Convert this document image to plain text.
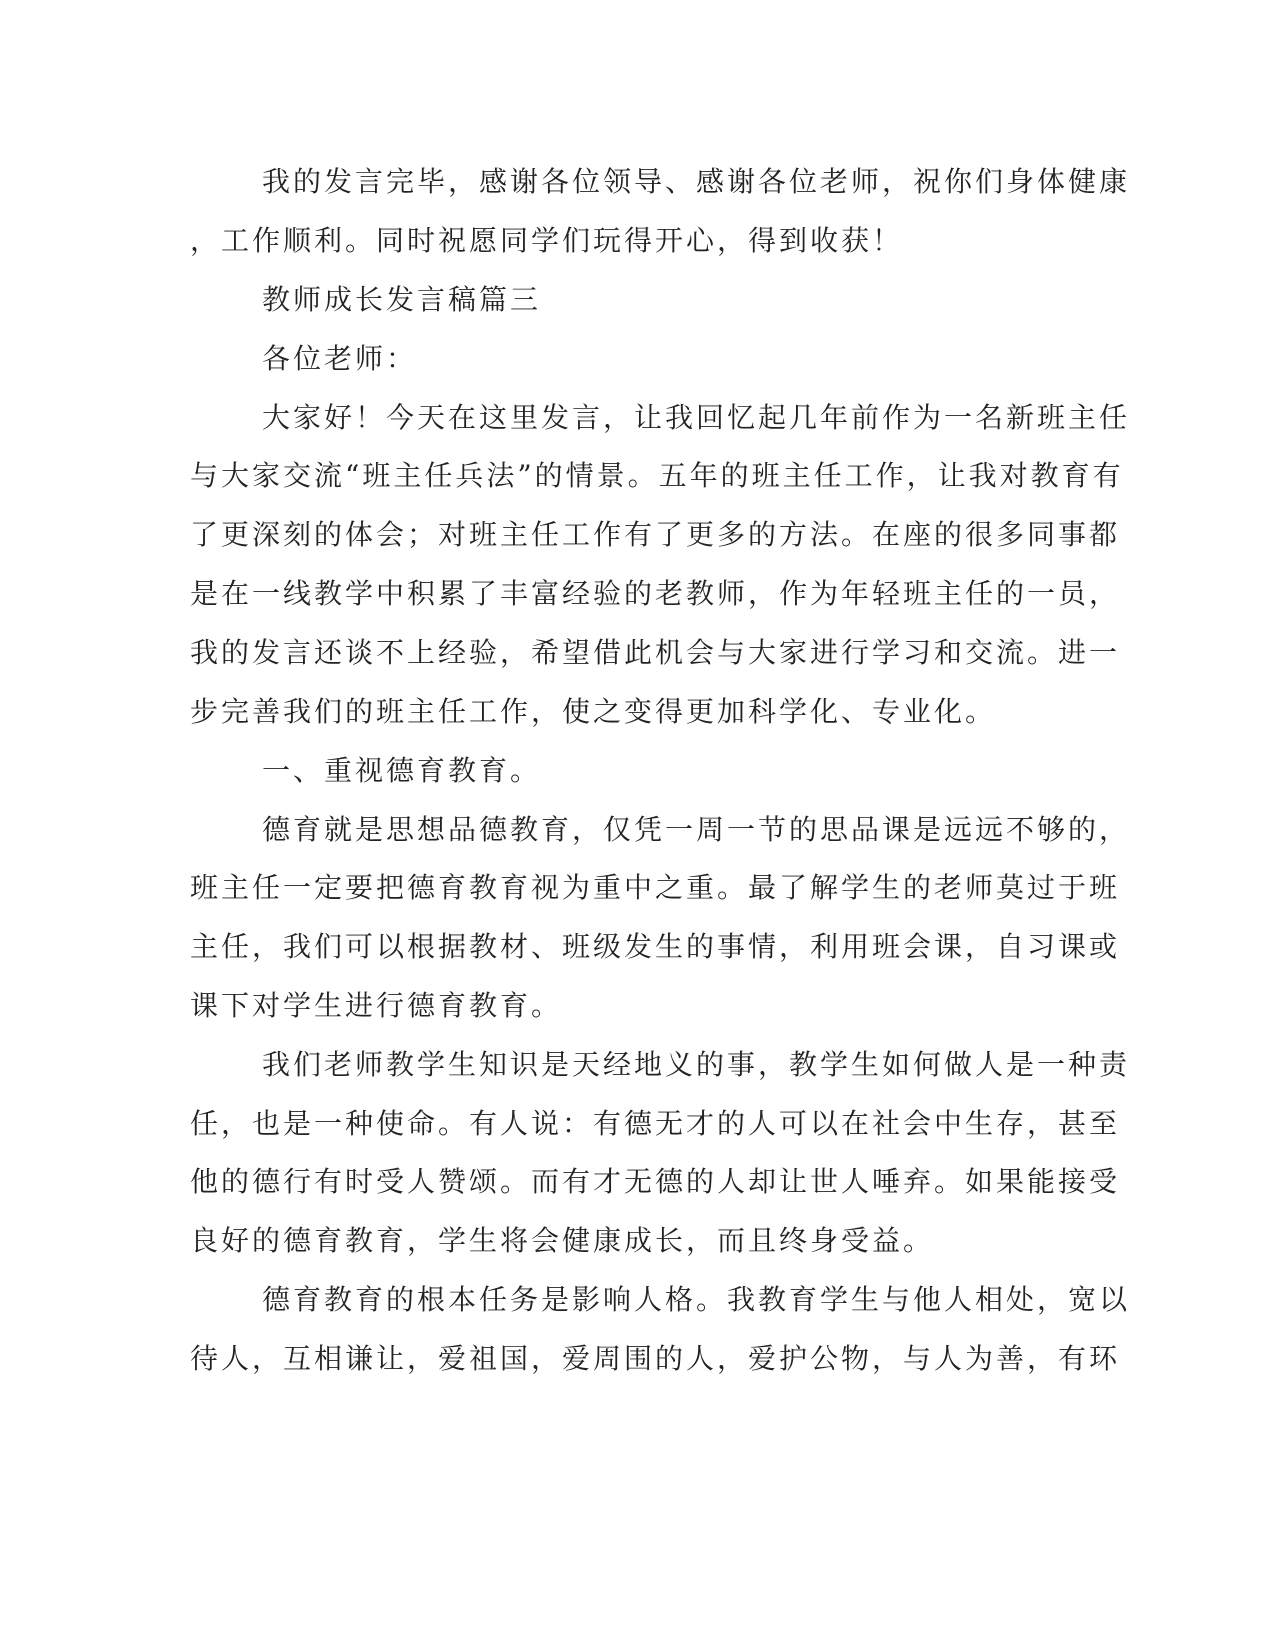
我的发言完毕，感谢各位领导、感谢各位老师，祝你们身体健康
，工作顺利。同时祝愿同学们玩得开心，得到收获！
教师成长发言稿篇三
各位老师：
大家好！今天在这里发言，让我回忆起几年前作为一名新班主任
与大家交流“班主任兵法”的情景。五年的班主任工作，让我对教育有
了更深刻的体会；对班主任工作有了更多的方法。在座的很多同事都
是在一线教学中积累了丰富经验的老教师，作为年轻班主任的一员，
我的发言还谈不上经验，希望借此机会与大家进行学习和交流。进一
步完善我们的班主任工作，使之变得更加科学化、专业化。
一、重视德育教育。
德育就是思想品德教育，仅凭一周一节的思品课是远远不够的，
班主任一定要把德育教育视为重中之重。最了解学生的老师莫过于班
主任，我们可以根据教材、班级发生的事情，利用班会课，自习课或
课下对学生进行德育教育。
我们老师教学生知识是天经地义的事，教学生如何做人是一种责
任，也是一种使命。有人说：有德无才的人可以在社会中生存，甚至
他的德行有时受人赞颂。而有才无德的人却让世人唾弃。如果能接受
良好的德育教育，学生将会健康成长，而且终身受益。
德育教育的根本任务是影响人格。我教育学生与他人相处，宽以
待人，互相谦让，爱祖国，爱周围的人，爱护公物，与人为善，有环
